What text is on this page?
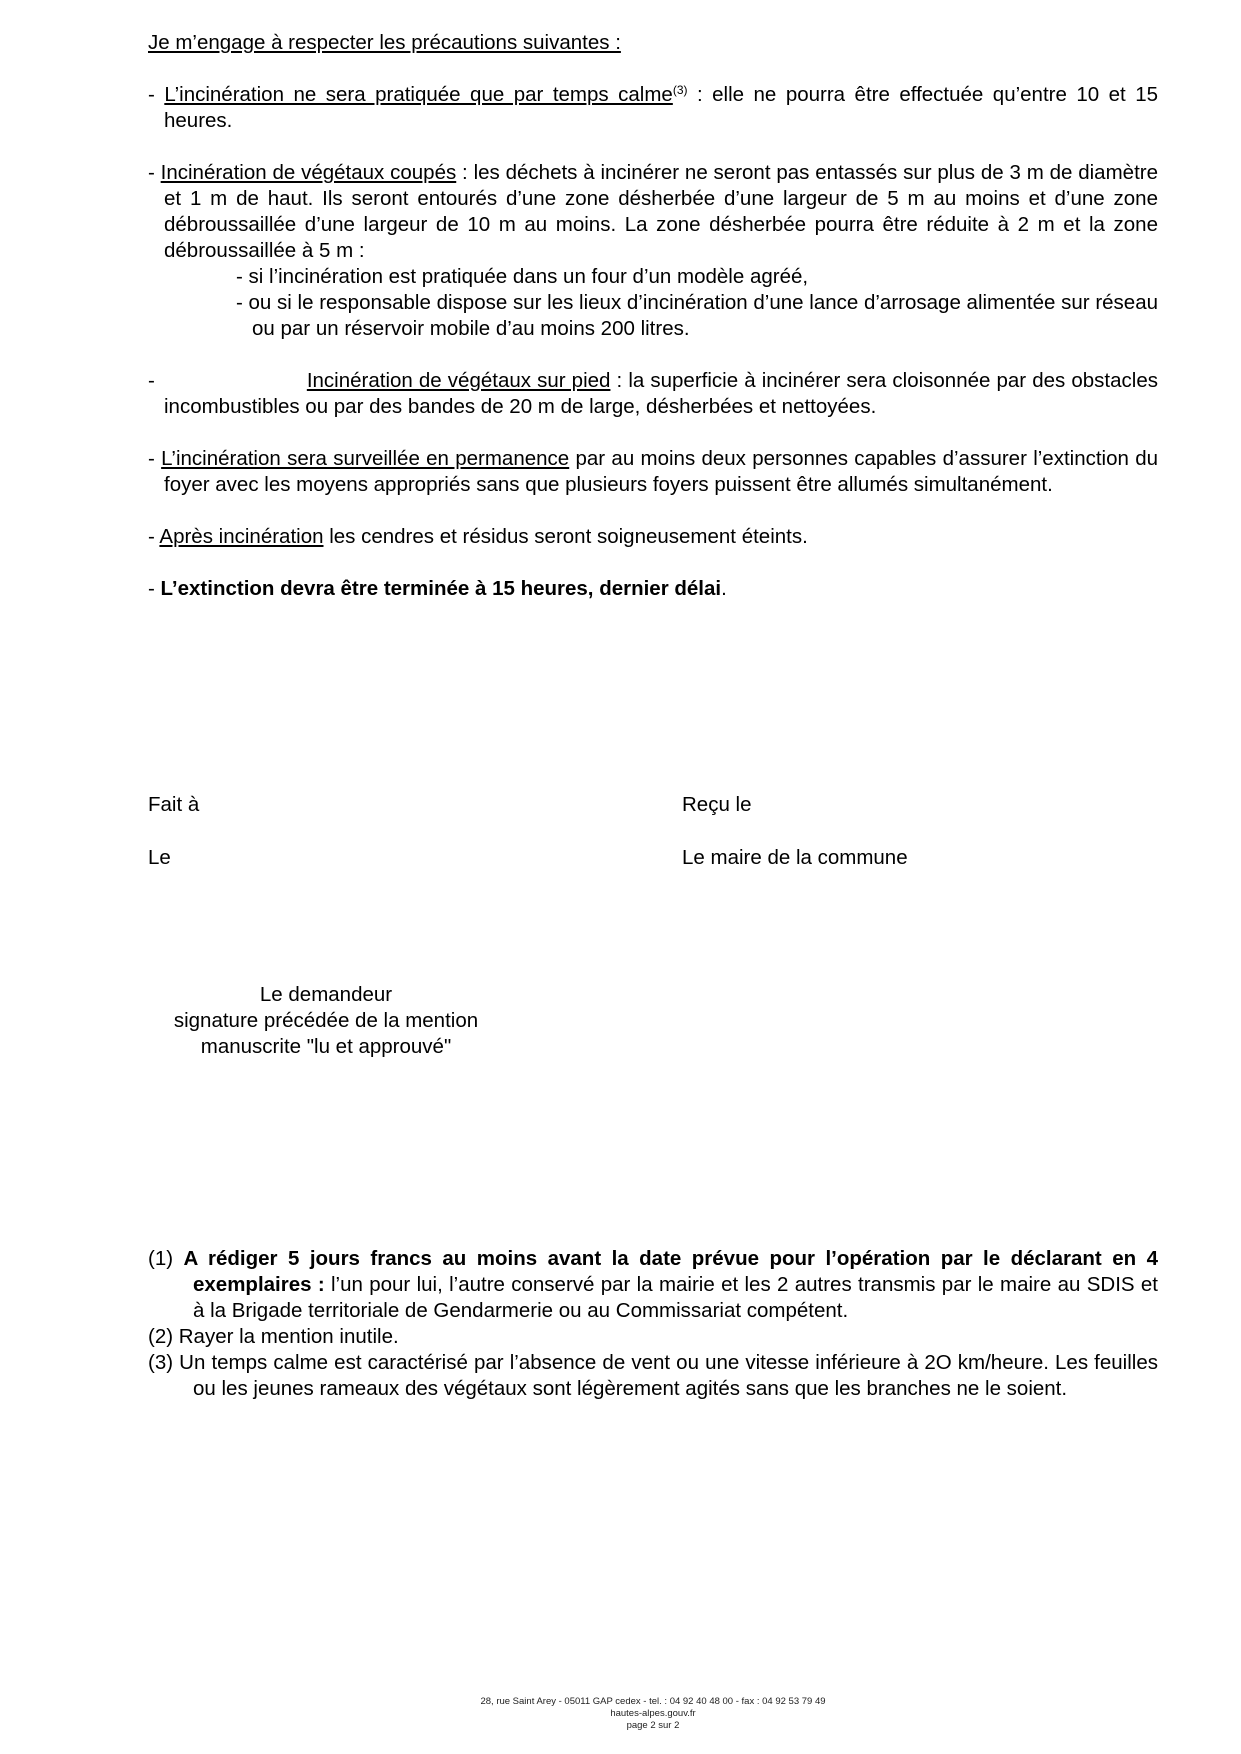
Je m’engage à respecter les précautions suivantes :

- L’incinération ne sera pratiquée que par temps calme$^{(3)}$ : elle ne pourra être effectuée qu’entre 10 et 15 heures.

- Incinération de végétaux coupés : les déchets à incinérer ne seront pas entassés sur plus de 3 m de diamètre et 1 m de haut. Ils seront entourés d’une zone désherbée d’une largeur de 5 m au moins et d’une zone débroussaillée d’une largeur de 10 m au moins. La zone désherbée pourra être réduite à 2 m et la zone débroussaillée à 5 m :
- si l’incinération est pratiquée dans un four d’un modèle agréé,
- ou si le responsable dispose sur les lieux d’incinération d’une lance d’arrosage alimentée sur réseau ou par un réservoir mobile d’au moins 200 litres.

-	Incinération de végétaux sur pied : la superficie à incinérer sera cloisonnée par des obstacles incombustibles ou par des bandes de 20 m de large, désherbées et nettoyées.

- L’incinération sera surveillée en permanence par au moins deux personnes capables d’assurer l’extinction du foyer avec les moyens appropriés sans que plusieurs foyers puissent être allumés simultanément.

- Après incinération les cendres et résidus seront soigneusement éteints.

- L’extinction devra être terminée à 15 heures, dernier délai.

Fait à
Le
Reçu le
Le maire de la commune
Le demandeur
signature précédée de la mention
manuscrite "lu et approuvé"
(1) A rédiger 5 jours francs au moins avant la date prévue pour l’opération par le déclarant en 4 exemplaires : l’un pour lui, l’autre conservé par la mairie et les 2 autres transmis par le maire au SDIS et à la Brigade territoriale de Gendarmerie ou au Commissariat compétent.
(2) Rayer la mention inutile.
(3) Un temps calme est caractérisé par l’absence de vent ou une vitesse inférieure à 2O km/heure. Les feuilles ou les jeunes rameaux des végétaux sont légèrement agités sans que les branches ne le soient.
28, rue Saint Arey - 05011 GAP cedex - tel. : 04 92 40 48 00 - fax : 04 92 53 79 49
hautes-alpes.gouv.fr
page 2 sur 2
